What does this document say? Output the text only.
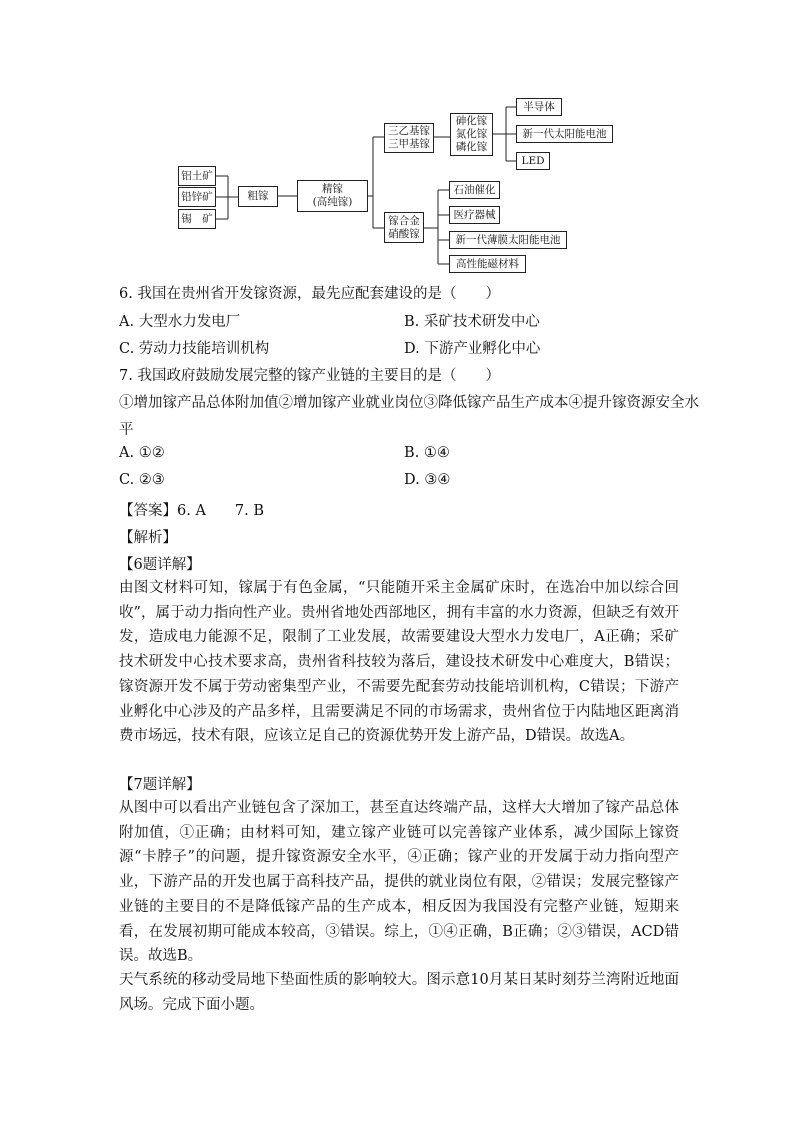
铝土矿
铅锌矿
锡　矿
粗镓
精镓
(高纯镓)
三乙基镓
三甲基镓
砷化镓
氮化镓
磷化镓
半导体
新一代太阳能电池
LED
镓合金
硝酸镓
石油催化
医疗器械
新一代薄膜太阳能电池
高性能磁材料
6. 我国在贵州省开发镓资源，最先应配套建设的是（　　）
A. 大型水力发电厂	B. 采矿技术研发中心
C. 劳动力技能培训机构	D. 下游产业孵化中心
7. 我国政府鼓励发展完整的镓产业链的主要目的是（　　）
①增加镓产品总体附加值②增加镓产业就业岗位③降低镓产品生产成本④提升镓资源安全水
平
A. ①②	B. ①④
C. ②③	D. ③④
【答案】6. A　　7. B
【解析】
【6题详解】
由图文材料可知，镓属于有色金属，“只能随开采主金属矿床时，在选冶中加以综合回收”，属于动力指向性产业。贵州省地处西部地区，拥有丰富的水力资源，但缺乏有效开发，造成电力能源不足，限制了工业发展，故需要建设大型水力发电厂，A正确；采矿技术研发中心技术要求高，贵州省科技较为落后，建设技术研发中心难度大，B错误；镓资源开发不属于劳动密集型产业，不需要先配套劳动技能培训机构，C错误；下游产业孵化中心涉及的产品多样，且需要满足不同的市场需求，贵州省位于内陆地区距离消费市场远，技术有限，应该立足自己的资源优势开发上游产品，D错误。故选A。
【7题详解】
从图中可以看出产业链包含了深加工，甚至直达终端产品，这样大大增加了镓产品总体附加值，①正确；由材料可知，建立镓产业链可以完善镓产业体系，减少国际上镓资源“卡脖子”的问题，提升镓资源安全水平，④正确；镓产业的开发属于动力指向型产业，下游产品的开发也属于高科技产品，提供的就业岗位有限，②错误；发展完整镓产业链的主要目的不是降低镓产品的生产成本，相反因为我国没有完整产业链，短期来看，在发展初期可能成本较高，③错误。综上，①④正确，B正确；②③错误，ACD错误。故选B。
天气系统的移动受局地下垫面性质的影响较大。图示意10月某日某时刻芬兰湾附近地面风场。完成下面小题。
